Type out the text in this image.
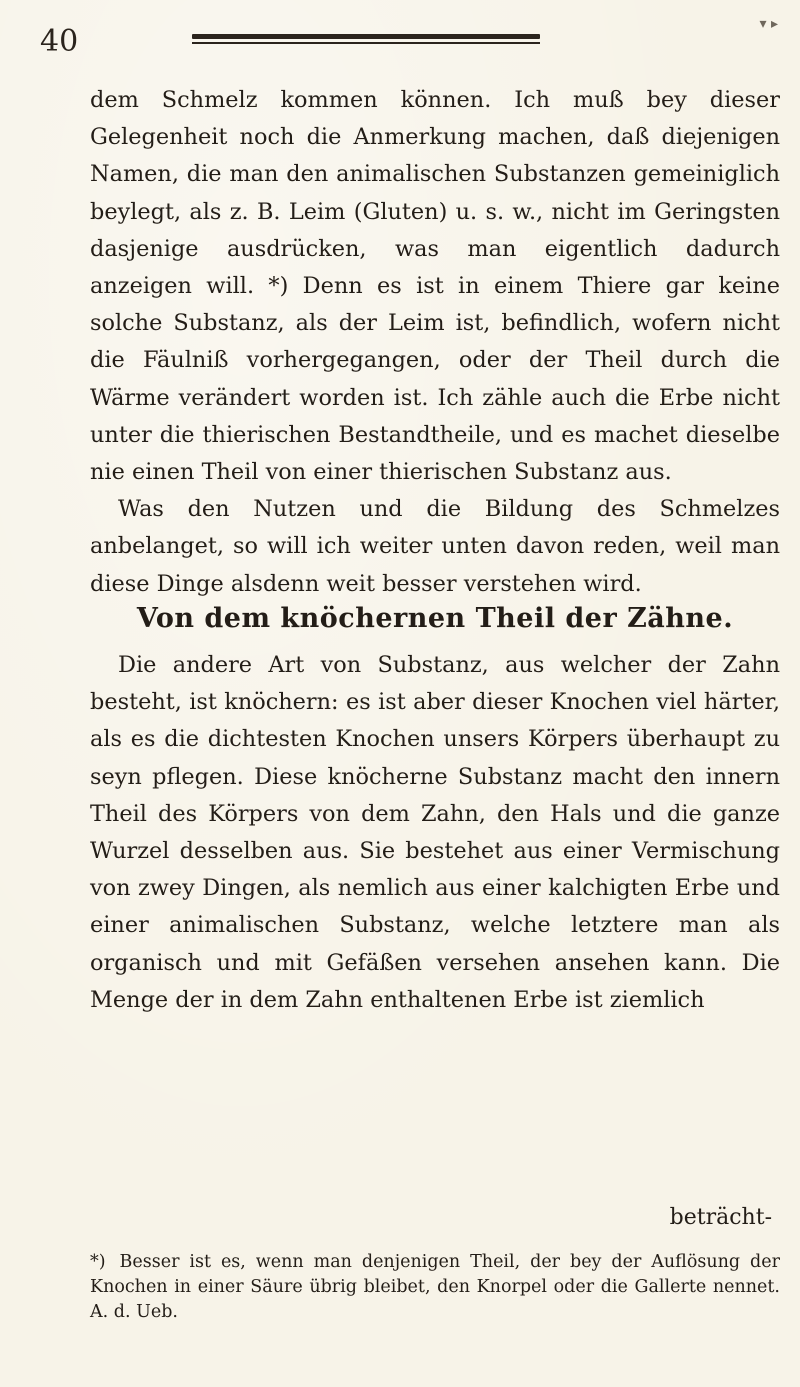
40	▾ ▸

dem Schmelz kommen können. Ich muß bey dieser Gelegenheit noch die Anmerkung machen, daß diejenigen Namen, die man den animalischen Substanzen gemeiniglich beylegt, als z. B. Leim (Gluten) u. s. w., nicht im Geringsten dasjenige ausdrücken, was man eigentlich dadurch anzeigen will. *) Denn es ist in einem Thiere gar keine solche Substanz, als der Leim ist, befindlich, wofern nicht die Fäulniß vorhergegangen, oder der Theil durch die Wärme verändert worden ist. Ich zähle auch die Erbe nicht unter die thierischen Bestandtheile, und es machet dieselbe nie einen Theil von einer thierischen Substanz aus.

Was den Nutzen und die Bildung des Schmelzes anbelanget, so will ich weiter unten davon reden, weil man diese Dinge alsdenn weit besser verstehen wird.

Von dem knöchernen Theil der Zähne.

Die andere Art von Substanz, aus welcher der Zahn besteht, ist knöchern: es ist aber dieser Knochen viel härter, als es die dichtesten Knochen unsers Körpers überhaupt zu seyn pflegen. Diese knöcherne Substanz macht den innern Theil des Körpers von dem Zahn, den Hals und die ganze Wurzel desselben aus. Sie bestehet aus einer Vermischung von zwey Dingen, als nemlich aus einer kalchigten Erbe und einer animalischen Substanz, welche letztere man als organisch und mit Gefäßen versehen ansehen kann. Die Menge der in dem Zahn enthaltenen Erbe ist ziemlich

beträcht-
*) Besser ist es, wenn man denjenigen Theil, der bey der Auflösung der Knochen in einer Säure übrig bleibet, den Knorpel oder die Gallerte nennet. A. d. Ueb.
